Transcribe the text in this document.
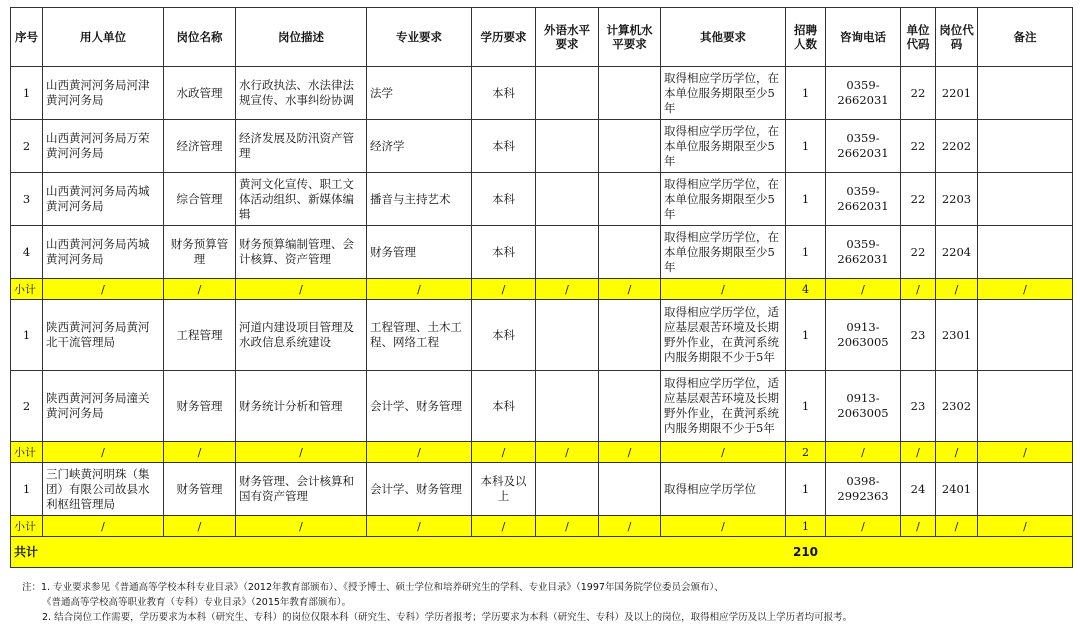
序号	用人单位	岗位名称	岗位描述	专业要求	学历要求	外语水平要求	计算机水平要求	其他要求	招聘人数	咨询电话	单位代码	岗位代码	备注
1	山西黄河河务局河津黄河河务局	水政管理	水行政执法、水法律法规宣传、水事纠纷协调	法学	本科			取得相应学历学位，在本单位服务期限至少5年	1	0359-2662031	22	2201	
2	山西黄河河务局万荣黄河河务局	经济管理	经济发展及防汛资产管理	经济学	本科			取得相应学历学位，在本单位服务期限至少5年	1	0359-2662031	22	2202	
3	山西黄河河务局芮城黄河河务局	综合管理	黄河文化宣传、职工文体活动组织、新媒体编辑	播音与主持艺术	本科			取得相应学历学位，在本单位服务期限至少5年	1	0359-2662031	22	2203	
4	山西黄河河务局芮城黄河河务局	财务预算管理	财务预算编制管理、会计核算、资产管理	财务管理	本科			取得相应学历学位，在本单位服务期限至少5年	1	0359-2662031	22	2204	
小计	/	/	/	/	/	/	/	/	4	/	/	/	/
1	陕西黄河河务局黄河北干流管理局	工程管理	河道内建设项目管理及水政信息系统建设	工程管理、土木工程、网络工程	本科			取得相应学历学位，适应基层艰苦环境及长期野外作业，在黄河系统内服务期限不少于5年	1	0913-2063005	23	2301	
2	陕西黄河河务局潼关黄河河务局	财务管理	财务统计分析和管理	会计学、财务管理	本科			取得相应学历学位，适应基层艰苦环境及长期野外作业，在黄河系统内服务期限不少于5年	1	0913-2063005	23	2302	
小计	/	/	/	/	/	/	/	/	2	/	/	/	/
1	三门峡黄河明珠（集团）有限公司故县水利枢纽管理局	财务管理	财务管理、会计核算和国有资产管理	会计学、财务管理	本科及以上			取得相应学历学位	1	0398-2992363	24	2401	
小计	/	/	/	/	/	/	/	/	1	/	/	/	/
共计									210				
注：1. 专业要求参见《普通高等学校本科专业目录》（2012年教育部颁布）、《授予博士、硕士学位和培养研究生的学科、专业目录》（1997年国务院学位委员会颁布）、
《普通高等学校高等职业教育（专科）专业目录》（2015年教育部颁布）。
2. 结合岗位工作需要，学历要求为本科（研究生、专科）的岗位仅限本科（研究生、专科）学历者报考；学历要求为本科（研究生、专科）及以上的岗位，取得相应学历及以上学历者均可报考。
